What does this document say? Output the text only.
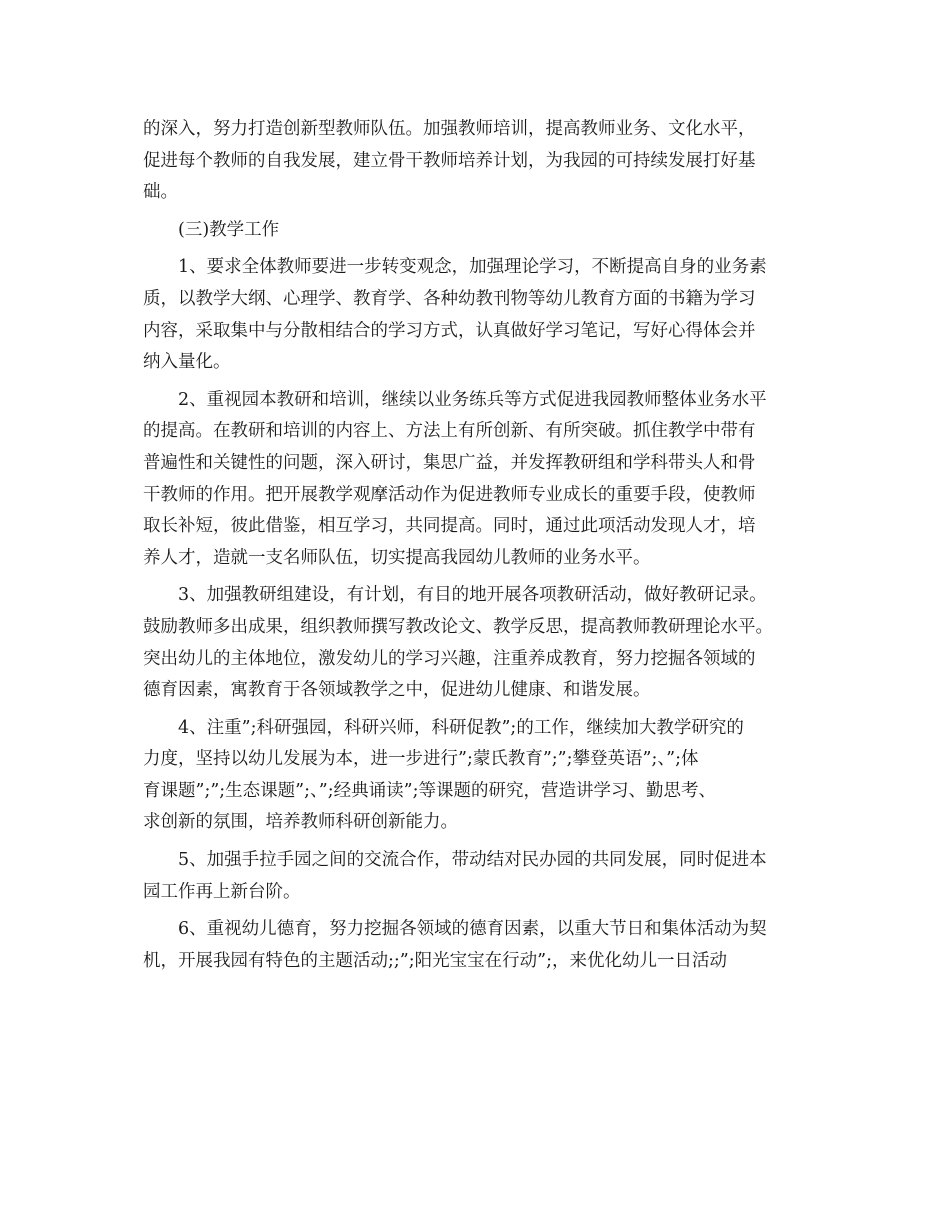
的深入，努力打造创新型教师队伍。加强教师培训，提高教师业务、文化水平，
促进每个教师的自我发展，建立骨干教师培养计划，为我园的可持续发展打好基
础。
(三)教学工作
1、要求全体教师要进一步转变观念，加强理论学习，不断提高自身的业务素
质，以教学大纲、心理学、教育学、各种幼教刊物等幼儿教育方面的书籍为学习
内容，采取集中与分散相结合的学习方式，认真做好学习笔记，写好心得体会并
纳入量化。
2、重视园本教研和培训，继续以业务练兵等方式促进我园教师整体业务水平
的提高。在教研和培训的内容上、方法上有所创新、有所突破。抓住教学中带有
普遍性和关键性的问题，深入研讨，集思广益，并发挥教研组和学科带头人和骨
干教师的作用。把开展教学观摩活动作为促进教师专业成长的重要手段，使教师
取长补短，彼此借鉴，相互学习，共同提高。同时，通过此项活动发现人才，培
养人才，造就一支名师队伍，切实提高我园幼儿教师的业务水平。
3、加强教研组建设，有计划，有目的地开展各项教研活动，做好教研记录。
鼓励教师多出成果，组织教师撰写教改论文、教学反思，提高教师教研理论水平。
突出幼儿的主体地位，激发幼儿的学习兴趣，注重养成教育，努力挖掘各领域的
德育因素，寓教育于各领域教学之中，促进幼儿健康、和谐发展。
4、注重”;科研强园，科研兴师，科研促教”;的工作，继续加大教学研究的
力度，坚持以幼儿发展为本，进一步进行”;蒙氏教育”;”;攀登英语”;、”;体
育课题”;”;生态课题”;、”;经典诵读”;等课题的研究，营造讲学习、勤思考、
求创新的氛围，培养教师科研创新能力。
5、加强手拉手园之间的交流合作，带动结对民办园的共同发展，同时促进本
园工作再上新台阶。
6、重视幼儿德育，努力挖掘各领域的德育因素，以重大节日和集体活动为契
机，开展我园有特色的主题活动;;”;阳光宝宝在行动”;，来优化幼儿一日活动
